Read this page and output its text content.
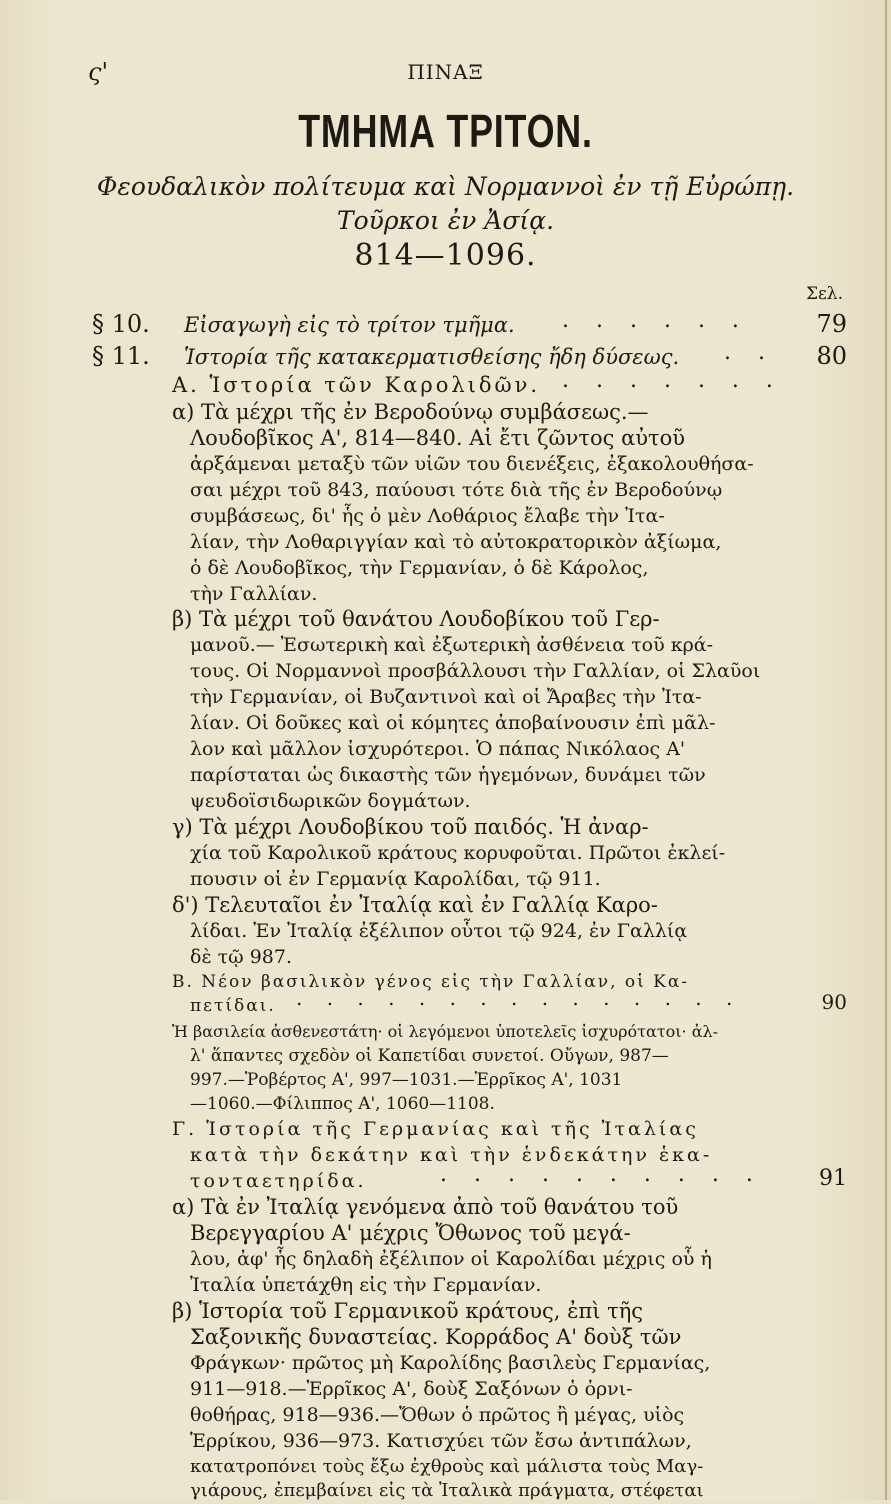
ς'	ΠΙΝΑΞ
ΤΜΗΜΑ ΤΡΙΤΟΝ.
Φεουδαλικὸν πολίτευμα καὶ Νορμαννοὶ ἐν τῇ Εὐρώπῃ.
Τοῦρκοι ἐν Ἀσίᾳ.
814—1096.
Σελ.
§ 10. Εἰσαγωγὴ εἰς τὸ τρίτον τμῆμα. . . . . . .	79
§ 11. Ἱστορία τῆς κατακερματισθείσης ἤδη δύσεως. . . 80
Α. Ἱστορία τῶν Καρολιδῶν. . . . . . . .
α) Τὰ μέχρι τῆς ἐν Βεροδούνῳ συμβάσεως.—
Λουδοβῖκος Α', 814—840. Αἱ ἔτι ζῶντος αὐτοῦ
ἀρξάμεναι μεταξὺ τῶν υἱῶν του διενέξεις, ἐξακολουθήσα-
σαι μέχρι τοῦ 843, παύουσι τότε διὰ τῆς ἐν Βεροδούνῳ
συμβάσεως, δι' ἧς ὁ μὲν Λοθάριος ἔλαβε τὴν Ἰτα-
λίαν, τὴν Λοθαριγγίαν καὶ τὸ αὐτοκρατορικὸν ἀξίωμα,
ὁ δὲ Λουδοβῖκος, τὴν Γερμανίαν, ὁ δὲ Κάρολος,
τὴν Γαλλίαν.
β) Τὰ μέχρι τοῦ θανάτου Λουδοβίκου τοῦ Γερ-
μανοῦ.— Ἐσωτερικὴ καὶ ἐξωτερικὴ ἀσθένεια τοῦ κρά-
τους. Οἱ Νορμαννοὶ προσβάλλουσι τὴν Γαλλίαν, οἱ Σλαῦοι
τὴν Γερμανίαν, οἱ Βυζαντινοὶ καὶ οἱ Ἄραβες τὴν Ἰτα-
λίαν. Οἱ δοῦκες καὶ οἱ κόμητες ἀποβαίνουσιν ἐπὶ μᾶλ-
λον καὶ μᾶλλον ἰσχυρότεροι. Ὁ πάπας Νικόλαος Α'
παρίσταται ὡς δικαστὴς τῶν ἡγεμόνων, δυνάμει τῶν
ψευδοϊσιδωρικῶν δογμάτων.
γ) Τὰ μέχρι Λουδοβίκου τοῦ παιδός. Ἡ ἀναρ-
χία τοῦ Καρολικοῦ κράτους κορυφοῦται. Πρῶτοι ἐκλεί-
πουσιν οἱ ἐν Γερμανίᾳ Καρολίδαι, τῷ 911.
δ') Τελευταῖοι ἐν Ἰταλίᾳ καὶ ἐν Γαλλίᾳ Καρο-
λίδαι. Ἐν Ἰταλίᾳ ἐξέλιπον οὗτοι τῷ 924, ἐν Γαλλίᾳ
δὲ τῷ 987.
Β. Νέον βασιλικὸν γένος εἰς τὴν Γαλλίαν, οἱ Κα-
πετίδαι. . . . . . . . . . . . . . . .	90
Ἡ βασιλεία ἀσθενεστάτη· οἱ λεγόμενοι ὑποτελεῖς ἰσχυρότατοι· ἀλ-
λ' ἅπαντες σχεδὸν οἱ Καπετίδαι συνετοί. Οὔγων, 987—
997.—Ῥοβέρτος Α', 997—1031.—Ἑρρῖκος Α', 1031
—1060.—Φίλιππος Α', 1060—1108.
Γ. Ἱστορία τῆς Γερμανίας καὶ τῆς Ἰταλίας
κατὰ τὴν δεκάτην καὶ τὴν ἑνδεκάτην ἑκα-
τονταετηρίδα.	. . . . . . . . . .	91
α) Τὰ ἐν Ἰταλίᾳ γενόμενα ἀπὸ τοῦ θανάτου τοῦ
Βερεγγαρίου Α' μέχρις Ὄθωνος τοῦ μεγά-
λου, ἀφ' ἧς δηλαδὴ ἐξέλιπον οἱ Καρολίδαι μέχρις οὗ ἡ
Ἰταλία ὑπετάχθη εἰς τὴν Γερμανίαν.
β) Ἱστορία τοῦ Γερμανικοῦ κράτους, ἐπὶ τῆς
Σαξονικῆς δυναστείας. Κορράδος Α' δοὺξ τῶν
Φράγκων· πρῶτος μὴ Καρολίδης βασιλεὺς Γερμανίας,
911—918.—Ἑρρῖκος Α', δοὺξ Σαξόνων ὁ ὀρνι-
θοθήρας, 918—936.—Ὄθων ὁ πρῶτος ἢ μέγας, υἱὸς
Ἑρρίκου, 936—973. Κατισχύει τῶν ἔσω ἀντιπάλων,
κατατροπόνει τοὺς ἔξω ἐχθροὺς καὶ μάλιστα τοὺς Μαγ-
γιάρους, ἐπεμβαίνει εἰς τὰ Ἰταλικὰ πράγματα, στέφεται
